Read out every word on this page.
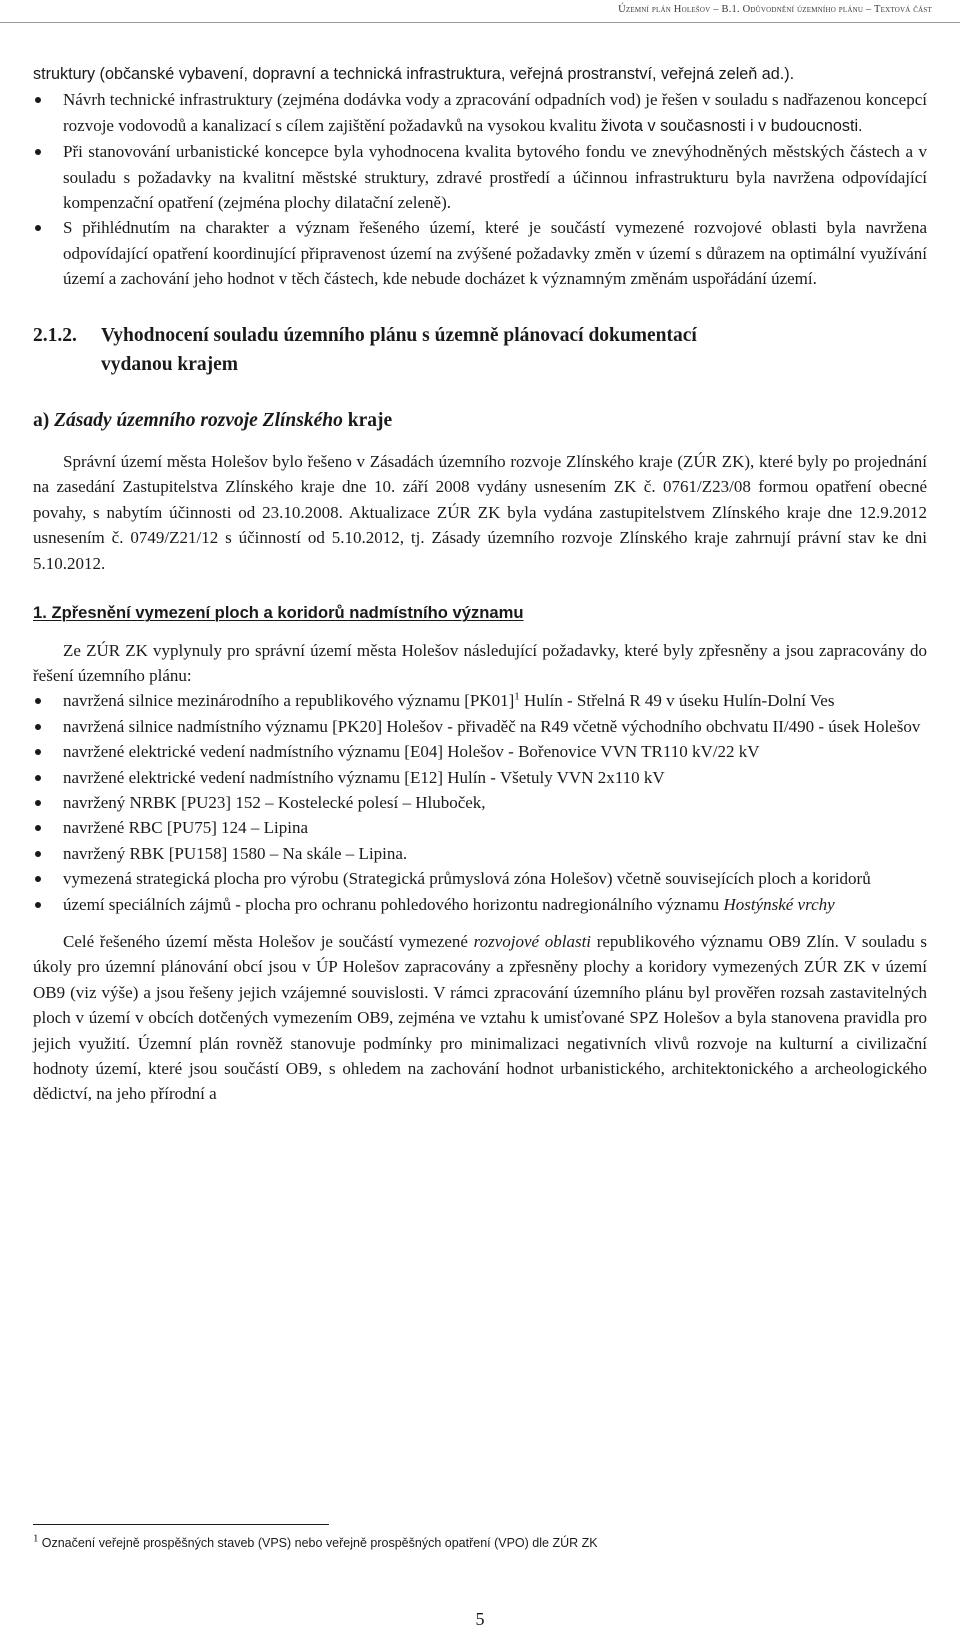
Územní plán Holešov – B.1. Odůvodnění územního plánu – Textová část

struktury (občanské vybavení, dopravní a technická infrastruktura, veřejná prostranství, veřejná zeleň ad.).

Návrh technické infrastruktury (zejména dodávka vody a zpracování odpadních vod) je řešen v souladu s nadřazenou koncepcí rozvoje vodovodů a kanalizací s cílem zajištění požadavků na vysokou kvalitu života v současnosti i v budoucnosti.
Při stanovování urbanistické koncepce byla vyhodnocena kvalita bytového fondu ve znevýhodněných městských částech a v souladu s požadavky na kvalitní městské struktury, zdravé prostředí a účinnou infrastrukturu byla navržena odpovídající kompenzační opatření (zejména plochy dilatační zeleně).
S přihlédnutím na charakter a význam řešeného území, které je součástí vymezené rozvojové oblasti byla navržena odpovídající opatření koordinující připravenost území na zvýšené požadavky změn v území s důrazem na optimální využívání území a zachování jeho hodnot v těch částech, kde nebude docházet k významným změnám uspořádání území.
2.1.2. Vyhodnocení souladu územního plánu s územně plánovací dokumentací
vydanou krajem
a) Zásady územního rozvoje Zlínského kraje

Správní území města Holešov bylo řešeno v Zásadách územního rozvoje Zlínského kraje (ZÚR ZK), které byly po projednání na zasedání Zastupitelstva Zlínského kraje dne 10. září 2008 vydány usnesením ZK č. 0761/Z23/08 formou opatření obecné povahy, s nabytím účinnosti od 23.10.2008. Aktualizace ZÚR ZK byla vydána zastupitelstvem Zlínského kraje dne 12.9.2012 usnesením č. 0749/Z21/12 s účinností od 5.10.2012, tj. Zásady územního rozvoje Zlínského kraje zahrnují právní stav ke dni 5.10.2012.

1. Zpřesnění vymezení ploch a koridorů nadmístního významu

Ze ZÚR ZK vyplynuly pro správní území města Holešov následující požadavky, které byly zpřesněny a jsou zapracovány do řešení územního plánu:

navržená silnice mezinárodního a republikového významu $[PK01]^1$ Hulín - Střelná R 49 v úseku Hulín-Dolní Ves
navržená silnice nadmístního významu [PK20] Holešov - přivaděč na R49 včetně východního obchvatu II/490 - úsek Holešov
navržené elektrické vedení nadmístního významu [E04] Holešov - Bořenovice VVN TR110 kV/22 kV
navržené elektrické vedení nadmístního významu [E12] Hulín - Všetuly VVN 2x110 kV
navržený NRBK [PU23] 152 – Kostelecké polesí – Hluboček,
navržené RBC [PU75] 124 – Lipina
navržený RBK [PU158] 1580 – Na skále – Lipina.
vymezená strategická plocha pro výrobu (Strategická průmyslová zóna Holešov) včetně souvisejících ploch a koridorů
území speciálních zájmů - plocha pro ochranu pohledového horizontu nadregionálního významu Hostýnské vrchy

Celé řešeného území města Holešov je součástí vymezené rozvojové oblasti republikového významu OB9 Zlín. V souladu s úkoly pro územní plánování obcí jsou v ÚP Holešov zapracovány a zpřesněny plochy a koridory vymezených ZÚR ZK v území OB9 (viz výše) a jsou řešeny jejich vzájemné souvislosti. V rámci zpracování územního plánu byl prověřen rozsah zastavitelných ploch v území v obcích dotčených vymezením OB9, zejména ve vztahu k umisťované SPZ Holešov a byla stanovena pravidla pro jejich využití. Územní plán rovněž stanovuje podmínky pro minimalizaci negativních vlivů rozvoje na kulturní a civilizační hodnoty území, které jsou součástí OB9, s ohledem na zachování hodnot urbanistického, architektonického a archeologického dědictví, na jeho přírodní a

$^1$ Označení veřejně prospěšných staveb (VPS) nebo veřejně prospěšných opatření (VPO) dle ZÚR ZK
5
